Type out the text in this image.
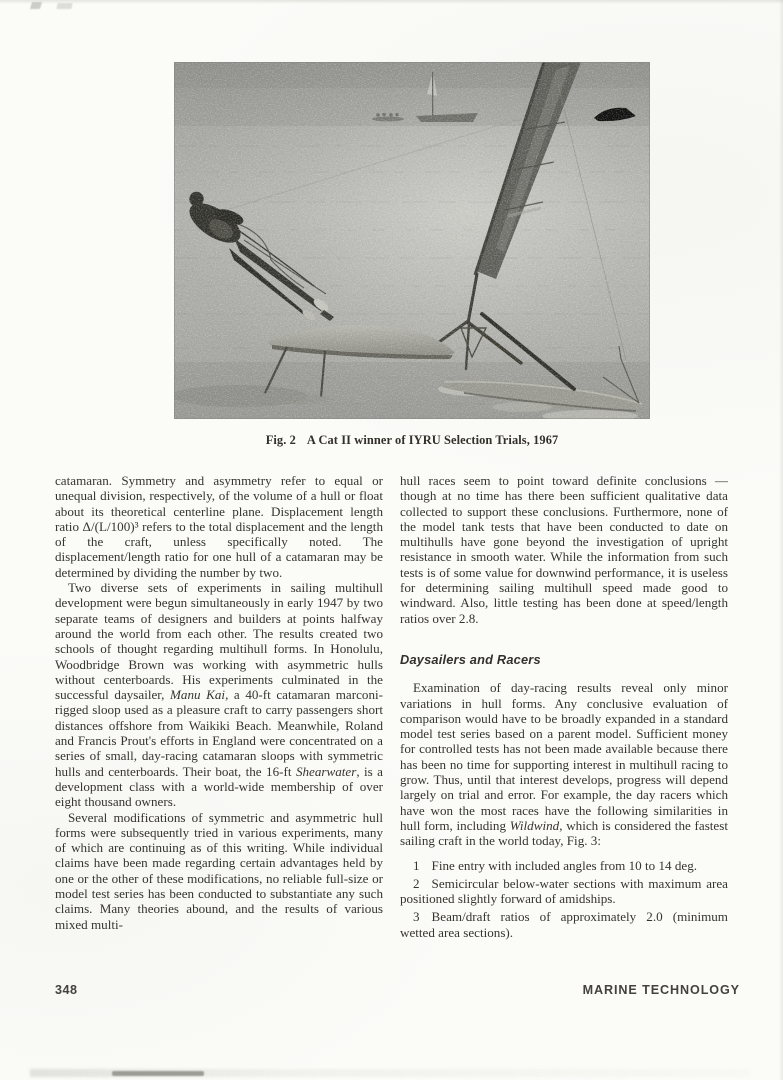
Fig. 2 A Cat II winner of IYRU Selection Trials, 1967

catamaran. Symmetry and asymmetry refer to equal or unequal division, respectively, of the volume of a hull or float about its theoretical centerline plane. Displacement length ratio Δ/(L/100)³ refers to the total displacement and the length of the craft, unless specifically noted. The displacement/length ratio for one hull of a catamaran may be determined by dividing the number by two.

Two diverse sets of experiments in sailing multihull development were begun simultaneously in early 1947 by two separate teams of designers and builders at points halfway around the world from each other. The results created two schools of thought regarding multihull forms. In Honolulu, Woodbridge Brown was working with asymmetric hulls without centerboards. His experiments culminated in the successful daysailer, Manu Kai, a 40-ft catamaran marconi-rigged sloop used as a pleasure craft to carry passengers short distances offshore from Waikiki Beach. Meanwhile, Roland and Francis Prout's efforts in England were concentrated on a series of small, day-racing catamaran sloops with symmetric hulls and centerboards. Their boat, the 16-ft Shearwater, is a development class with a world-wide membership of over eight thousand owners.

Several modifications of symmetric and asymmetric hull forms were subsequently tried in various experiments, many of which are continuing as of this writing. While individual claims have been made regarding certain advantages held by one or the other of these modifications, no reliable full-size or model test series has been conducted to substantiate any such claims. Many theories abound, and the results of various mixed multi-

hull races seem to point toward definite conclusions — though at no time has there been sufficient qualitative data collected to support these conclusions. Furthermore, none of the model tank tests that have been conducted to date on multihulls have gone beyond the investigation of upright resistance in smooth water. While the information from such tests is of some value for downwind performance, it is useless for determining sailing multihull speed made good to windward. Also, little testing has been done at speed/length ratios over 2.8.

Daysailers and Racers

Examination of day-racing results reveal only minor variations in hull forms. Any conclusive evaluation of comparison would have to be broadly expanded in a standard model test series based on a parent model. Sufficient money for controlled tests has not been made available because there has been no time for supporting interest in multihull racing to grow. Thus, until that interest develops, progress will depend largely on trial and error. For example, the day racers which have won the most races have the following similarities in hull form, including Wildwind, which is considered the fastest sailing craft in the world today, Fig. 3:

1 Fine entry with included angles from 10 to 14 deg.

2 Semicircular below-water sections with maximum area positioned slightly forward of amidships.

3 Beam/draft ratios of approximately 2.0 (minimum wetted area sections).

348	MARINE TECHNOLOGY
